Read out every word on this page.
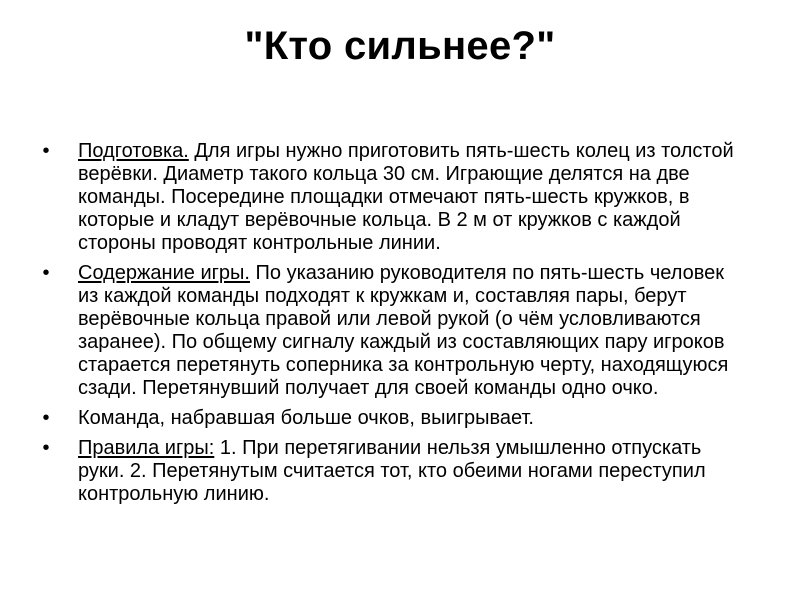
"Кто сильнее?"
•	Подготовка. Для игры нужно приготовить пять-шесть колец из толстой верёвки. Диаметр такого кольца 30 см. Играющие делятся на две команды. Посередине площадки отмечают пять-шесть кружков, в которые и кладут верёвочные кольца. В 2 м от кружков с каждой стороны проводят контрольные линии.
•	Содержание игры. По указанию руководителя по пять-шесть человек из каждой команды подходят к кружкам и, составляя пары, берут верёвочные кольца правой или левой рукой (о чём условливаются заранее). По общему сигналу каждый из составляющих пару игроков старается перетянуть соперника за контрольную черту, находящуюся сзади. Перетянувший получает для своей команды одно очко.
•	Команда, набравшая больше очков, выигрывает.
•	Правила игры: 1. При перетягивании нельзя умышленно отпускать руки. 2. Перетянутым считается тот, кто обеими ногами переступил контрольную линию.
